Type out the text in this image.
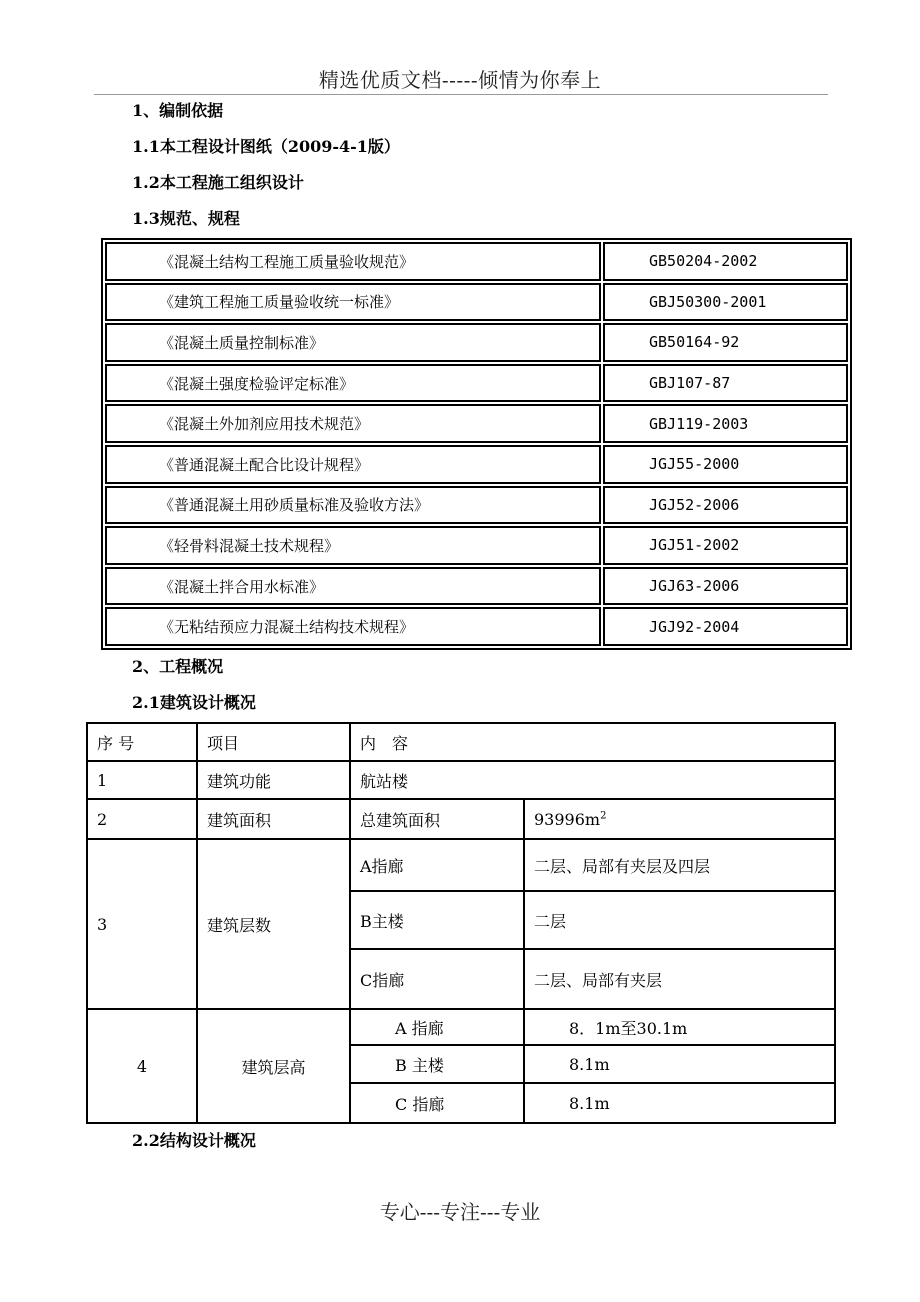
精选优质文档-----倾情为你奉上
1、编制依据
1.1本工程设计图纸（2009-4-1版）
1.2本工程施工组织设计
1.3规范、规程
《混凝土结构工程施工质量验收规范》	GB50204-2002
《建筑工程施工质量验收统一标准》	GBJ50300-2001
《混凝土质量控制标准》	GB50164-92
《混凝土强度检验评定标准》	GBJ107-87
《混凝土外加剂应用技术规范》	GBJ119-2003
《普通混凝土配合比设计规程》	JGJ55-2000
《普通混凝土用砂质量标准及验收方法》	JGJ52-2006
《轻骨料混凝土技术规程》	JGJ51-2002
《混凝土拌合用水标准》	JGJ63-2006
《无粘结预应力混凝土结构技术规程》	JGJ92-2004
2、工程概况
2.1建筑设计概况
序 号	项目	内　容	
1	建筑功能	航站楼	
2	建筑面积	总建筑面积	$93996m^2$
3	建筑层数	A指廊	二层、局部有夹层及四层
		B主楼	二层
		C指廊	二层、局部有夹层
4	建筑层高	A 指廊	8．1m至30.1m
		B 主楼	8.1m
		C 指廊	8.1m
2.2结构设计概况
专心---专注---专业
